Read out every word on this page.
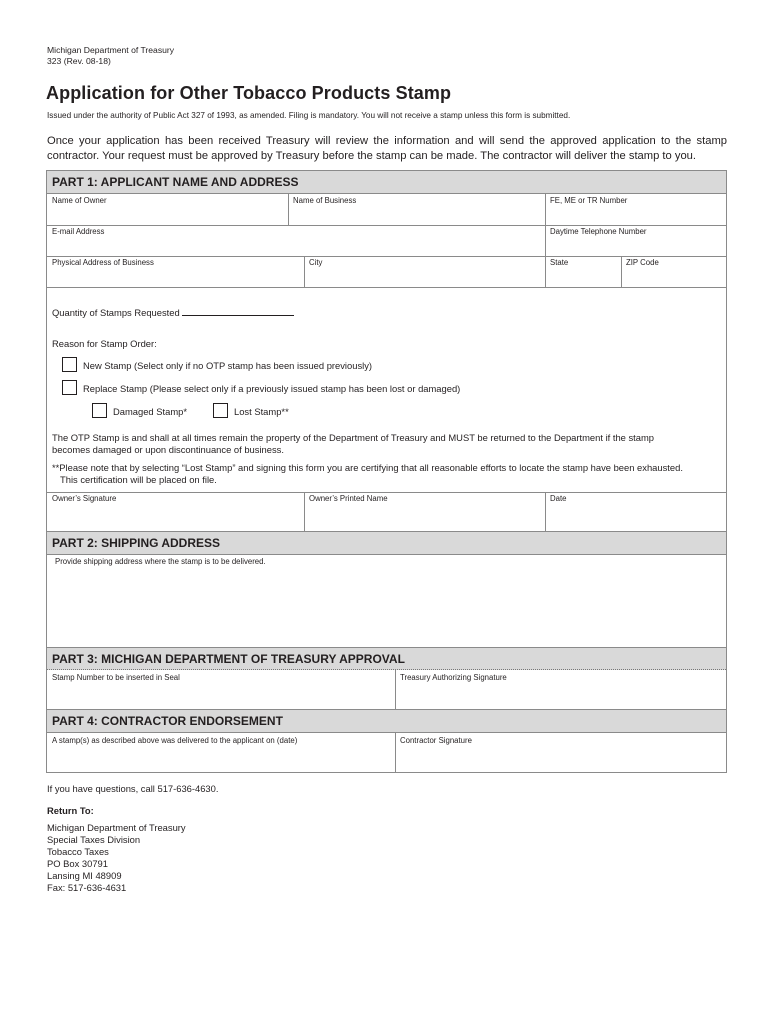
Michigan Department of Treasury
323 (Rev. 08-18)
Application for Other Tobacco Products Stamp
Issued under the authority of Public Act 327 of 1993, as amended. Filing is mandatory. You will not receive a stamp unless this form is submitted.
Once your application has been received Treasury will review the information and will send the approved application to the stamp contractor. Your request must be approved by Treasury before the stamp can be made. The contractor will deliver the stamp to you.
PART 1: APPLICANT NAME AND ADDRESS
Name of Owner	Name of Business	FE, ME or TR Number
E-mail Address	Daytime Telephone Number
Physical Address of Business	City	State	ZIP Code
Quantity of Stamps Requested
Reason for Stamp Order:
New Stamp (Select only if no OTP stamp has been issued previously)
Replace Stamp (Please select only if a previously issued stamp has been lost or damaged)
Damaged Stamp*	Lost Stamp**
The OTP Stamp is and shall at all times remain the property of the Department of Treasury and MUST be returned to the Department if the stamp
becomes damaged or upon discontinuance of business.
**Please note that by selecting “Lost Stamp” and signing this form you are certifying that all reasonable efforts to locate the stamp have been exhausted.
This certification will be placed on file.
Owner’s Signature	Owner’s Printed Name	Date
PART 2: SHIPPING ADDRESS
Provide shipping address where the stamp is to be delivered.
PART 3: MICHIGAN DEPARTMENT OF TREASURY APPROVAL
Stamp Number to be inserted in Seal	Treasury Authorizing Signature
PART 4: CONTRACTOR ENDORSEMENT
A stamp(s) as described above was delivered to the applicant on (date)	Contractor Signature
If you have questions, call 517-636-4630.
Return To:
Michigan Department of Treasury
Special Taxes Division
Tobacco Taxes
PO Box 30791
Lansing MI 48909
Fax: 517-636-4631
